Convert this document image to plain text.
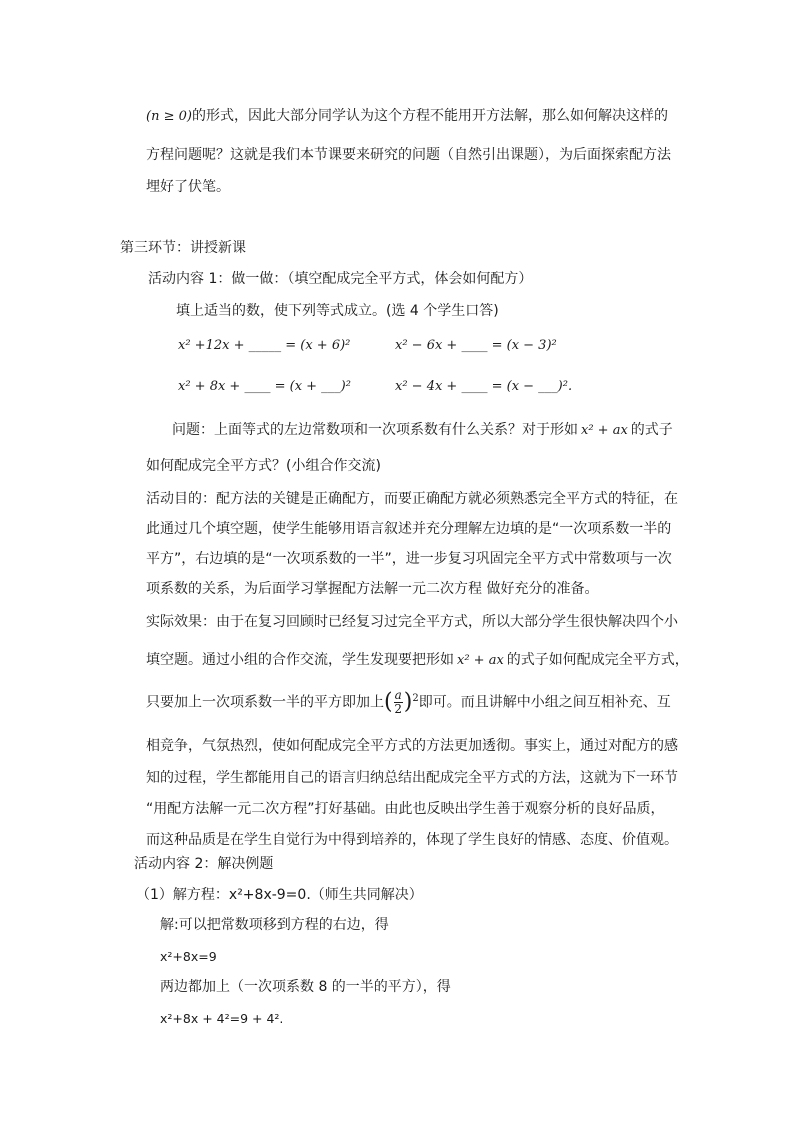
(n ≥ 0)的形式，因此大部分同学认为这个方程不能用开方法解，那么如何解决这样的
方程问题呢？这就是我们本节课要来研究的问题（自然引出课题），为后面探索配方法
埋好了伏笔。
第三环节：讲授新课
活动内容 1：做一做：（填空配成完全平方式，体会如何配方）
填上适当的数，使下列等式成立。(选 4 个学生口答)
x² +12x + _____ = (x + 6)²	x² − 6x + ____ = (x − 3)²
x² + 8x + ____ = (x + ___)²	x² − 4x + ____ = (x − ___)².
问题：上面等式的左边常数项和一次项系数有什么关系？对于形如 x² + ax 的式子
如何配成完全平方式？(小组合作交流)
活动目的：配方法的关键是正确配方，而要正确配方就必须熟悉完全平方式的特征，在
此通过几个填空题，使学生能够用语言叙述并充分理解左边填的是“一次项系数一半的
平方”，右边填的是“一次项系数的一半”，进一步复习巩固完全平方式中常数项与一次
项系数的关系，为后面学习掌握配方法解一元二次方程 做好充分的准备。
实际效果：由于在复习回顾时已经复习过完全平方式，所以大部分学生很快解决四个小
填空题。通过小组的合作交流，学生发现要把形如 x² + ax 的式子如何配成完全平方式，
只要加上一次项系数一半的平方即加上( $\frac{a}{2} )^2$即可。而且讲解中小组之间互相补充、互
相竞争，气氛热烈，使如何配成完全平方式的方法更加透彻。事实上，通过对配方的感
知的过程，学生都能用自己的语言归纳总结出配成完全平方式的方法，这就为下一环节
“用配方法解一元二次方程”打好基础。由此也反映出学生善于观察分析的良好品质，
而这种品质是在学生自觉行为中得到培养的，体现了学生良好的情感、态度、价值观。
活动内容 2：解决例题
（1）解方程：x²+8x-9=0.（师生共同解决）
解:可以把常数项移到方程的右边，得
x²+8x=9
两边都加上（一次项系数 8 的一半的平方），得
x²+8x + 4²=9 + 4².
